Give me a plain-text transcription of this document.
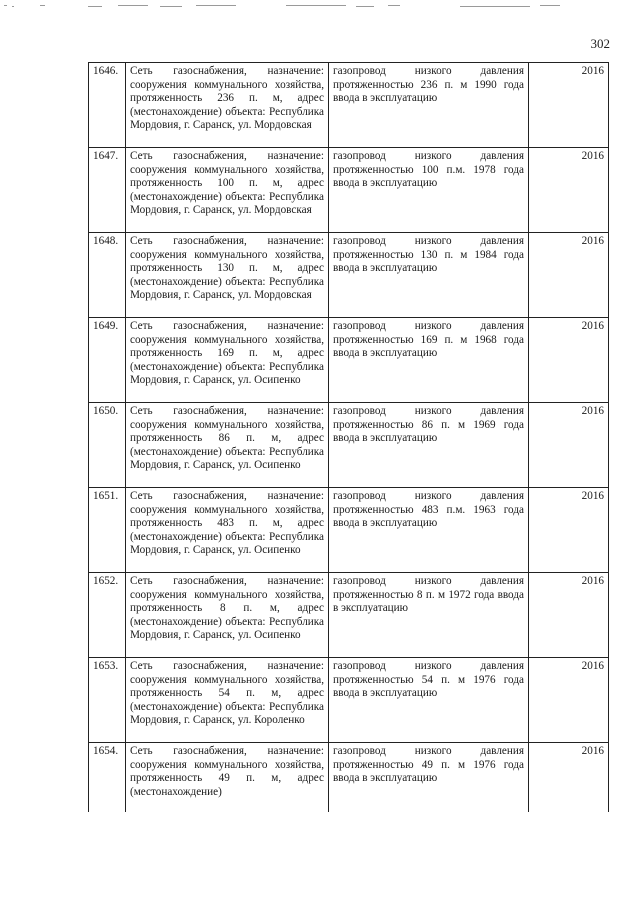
302
1646.	Сеть газоснабжения, назначение: сооружения коммунального хозяйства, протяженность 236 п. м, адрес (местонахождение) объекта: Республика Мордовия, г. Саранск, ул. Мордовская	газопровод низкого давления протяженностью 236 п. м 1990 года ввода в эксплуатацию	2016
1647.	Сеть газоснабжения, назначение: сооружения коммунального хозяйства, протяженность 100 п. м, адрес (местонахождение) объекта: Республика Мордовия, г. Саранск, ул. Мордовская	газопровод низкого давления протяженностью 100 п.м. 1978 года ввода в эксплуатацию	2016
1648.	Сеть газоснабжения, назначение: сооружения коммунального хозяйства, протяженность 130 п. м, адрес (местонахождение) объекта: Республика Мордовия, г. Саранск, ул. Мордовская	газопровод низкого давления протяженностью 130 п. м 1984 года ввода в эксплуатацию	2016
1649.	Сеть газоснабжения, назначение: сооружения коммунального хозяйства, протяженность 169 п. м, адрес (местонахождение) объекта: Республика Мордовия, г. Саранск, ул. Осипенко	газопровод низкого давления протяженностью 169 п. м 1968 года ввода в эксплуатацию	2016
1650.	Сеть газоснабжения, назначение: сооружения коммунального хозяйства, протяженность 86 п. м, адрес (местонахождение) объекта: Республика Мордовия, г. Саранск, ул. Осипенко	газопровод низкого давления протяженностью 86 п. м 1969 года ввода в эксплуатацию	2016
1651.	Сеть газоснабжения, назначение: сооружения коммунального хозяйства, протяженность 483 п. м, адрес (местонахождение) объекта: Республика Мордовия, г. Саранск, ул. Осипенко	газопровод низкого давления протяженностью 483 п.м. 1963 года ввода в эксплуатацию	2016
1652.	Сеть газоснабжения, назначение: сооружения коммунального хозяйства, протяженность 8 п. м, адрес (местонахождение) объекта: Республика Мордовия, г. Саранск, ул. Осипенко	газопровод низкого давления протяженностью 8 п. м 1972 года ввода в эксплуатацию	2016
1653.	Сеть газоснабжения, назначение: сооружения коммунального хозяйства, протяженность 54 п. м, адрес (местонахождение) объекта: Республика Мордовия, г. Саранск, ул. Короленко	газопровод низкого давления протяженностью 54 п. м 1976 года ввода в эксплуатацию	2016
1654.	Сеть газоснабжения, назначение: сооружения коммунального хозяйства, протяженность 49 п. м, адрес (местонахождение)	газопровод низкого давления протяженностью 49 п. м 1976 года ввода в эксплуатацию	2016
